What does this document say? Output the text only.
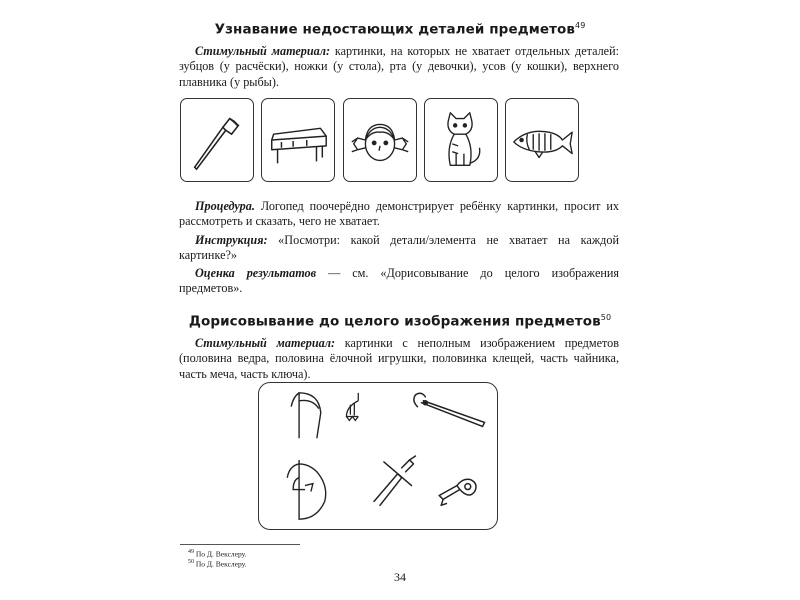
Узнавание недостающих деталей предметов$^{49}$

Стимульный материал: картинки, на которых не хватает отдельных деталей: зубцов (у расчёски), ножки (у стола), рта (у девочки), усов (у кошки), верхнего плавника (у рыбы).

Процедура. Логопед поочерёдно демонстрирует ребёнку картинки, просит их рассмотреть и сказать, чего не хватает.

Инструкция: «Посмотри: какой детали/элемента не хватает на каждой картинке?»

Оценка результатов — см. «Дорисовывание до целого изображения предметов».

Дорисовывание до целого изображения предметов$^{50}$

Стимульный материал: картинки с неполным изображением предметов (половина ведра, половина ёлочной игрушки, половинка клещей, часть чайника, часть меча, часть ключа).

$^{49}$ По Д. Векслеру.
$^{50}$ По Д. Векслеру.
34
